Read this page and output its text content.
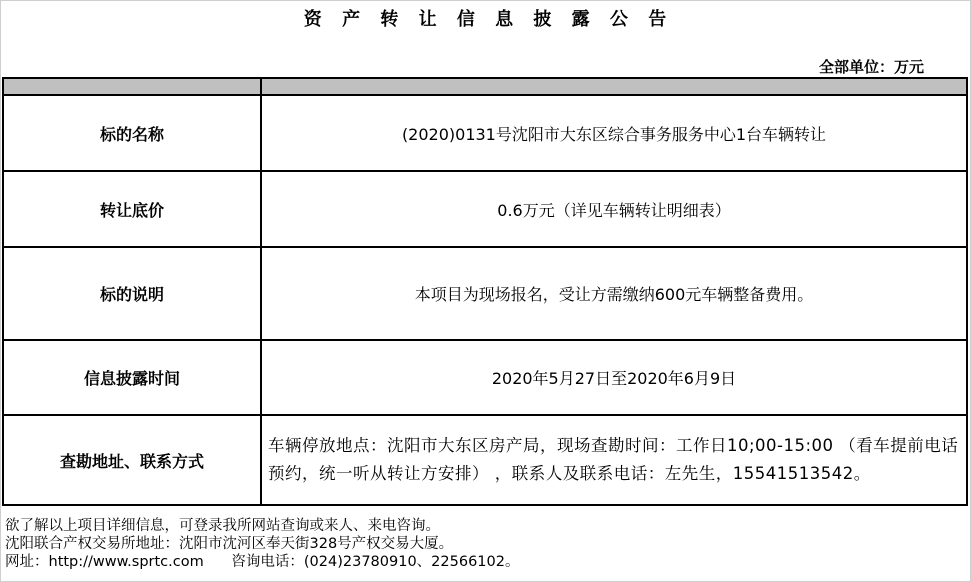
资 产 转 让 信 息 披 露 公 告
全部单位：万元

标的名称	(2020)0131号沈阳市大东区综合事务服务中心1台车辆转让
转让底价	0.6万元（详见车辆转让明细表）
标的说明	本项目为现场报名，受让方需缴纳600元车辆整备费用。
信息披露时间	2020年5月27日至2020年6月9日
查勘地址、联系方式	车辆停放地点：沈阳市大东区房产局，现场查勘时间：工作日10;00-15:00 （看车提前电话预约，统一听从转让方安排） ，联系人及联系电话：左先生，15541513542。
欲了解以上项目详细信息，可登录我所网站查询或来人、来电咨询。
沈阳联合产权交易所地址：沈阳市沈河区奉天街328号产权交易大厦。
网址：http://www.sprtc.com      咨询电话：(024)23780910、22566102。
